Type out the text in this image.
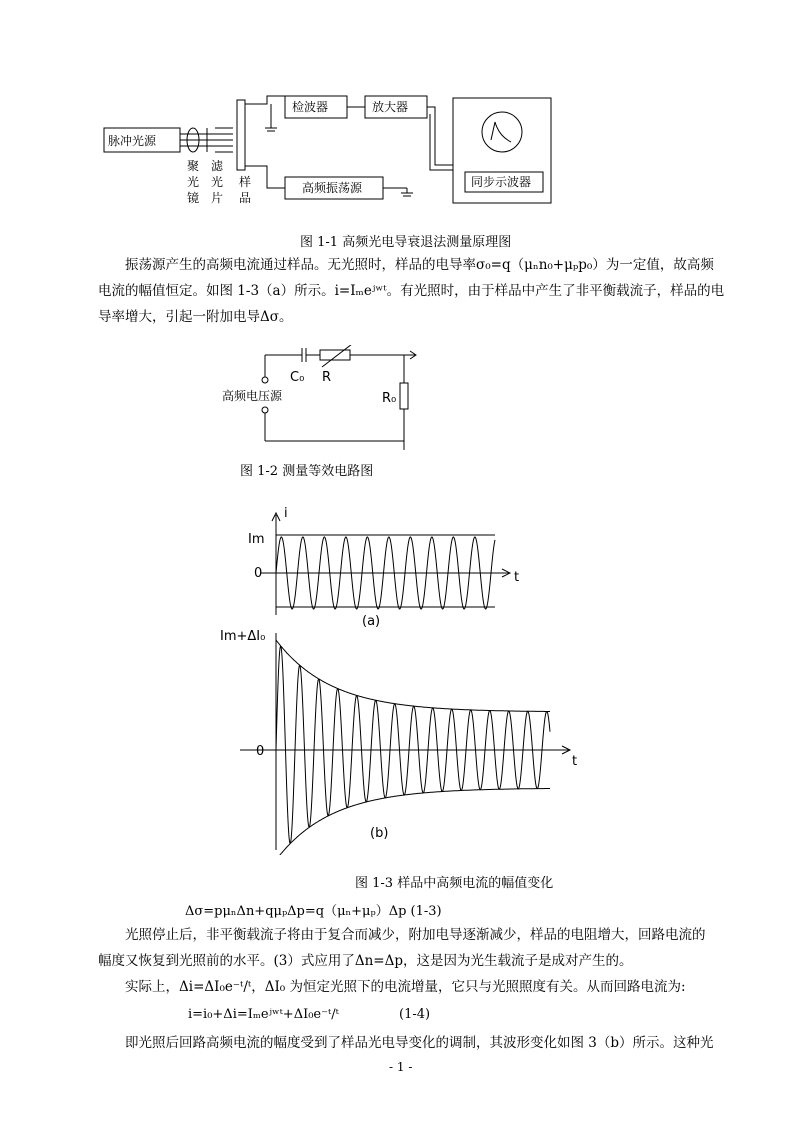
脉冲光源
检波器	放大器
同步示波器
高频振荡源
聚
光
镜
滤
光
片
样
品
图 1-1 高频光电导衰退法测量原理图

振荡源产生的高频电流通过样品。无光照时，样品的电导率σ₀=q（μₙn₀+μₚp₀）为一定值，故高频

电流的幅值恒定。如图 1-3（a）所示。i=Iₘeʲʷᵗ。有光照时，由于样品中产生了非平衡载流子，样品的电

导率增大，引起一附加电导Δσ。

C₀ R
高频电压源	R₀
图 1-2 测量等效电路图
i
Im
0	t
(a)
Im+ΔI₀
0
t
(b)
图 1-3 样品中高频电流的幅值变化
Δσ=pμₙΔn+qμₚΔp=q（μₙ+μₚ）Δp (1-3)

光照停止后，非平衡载流子将由于复合而减少，附加电导逐渐减少，样品的电阻增大，回路电流的

幅度又恢复到光照前的水平。(3）式应用了Δn=Δp，这是因为光生载流子是成对产生的。

实际上，Δi=ΔI₀e⁻ᵗ/ᵗ，ΔI₀ 为恒定光照下的电流增量，它只与光照照度有关。从而回路电流为:

i=i₀+Δi=Iₘeʲʷᵗ+ΔI₀e⁻ᵗ/ᵗ	(1-4)

即光照后回路高频电流的幅度受到了样品光电导变化的调制，其波形变化如图 3（b）所示。这种光

- 1 -
